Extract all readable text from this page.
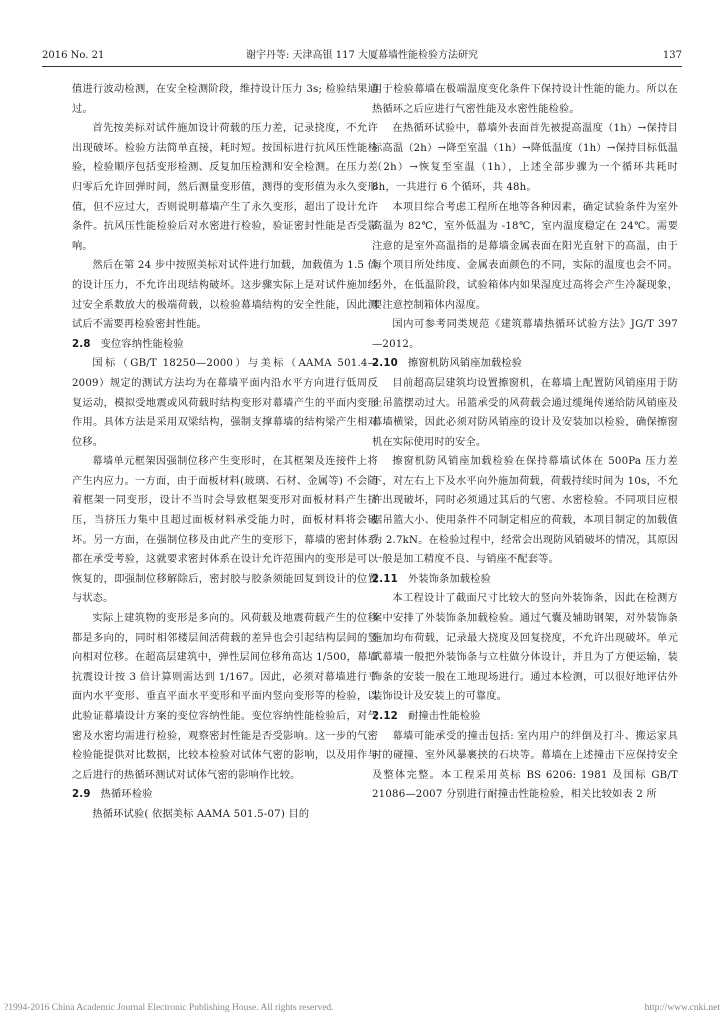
2016 No. 21	谢宇丹等: 天津高银 117 大厦幕墙性能检验方法研究	137

值进行波动检测，在安全检测阶段，维持设计压力 3s; 检验结果通过。

首先按美标对试件施加设计荷载的压力差，记录挠度，不允许出现破坏。检验方法简单直接，耗时短。按国标进行抗风压性能检验，检验顺序包括变形检测、反复加压检测和安全检测。在压力差归零后允许回弹时间，然后测量变形值，测得的变形值为永久变形值，但不应过大，否则说明幕墙产生了永久变形，超出了设计允许条件。抗风压性能检验后对水密进行检验，验证密封性能是否受影响。

然后在第 24 步中按照美标对试件进行加载，加载值为 1.5 倍的设计压力，不允许出现结构破坏。这步骤实际上是对试件施加经过安全系数放大的极端荷载，以检验幕墙结构的安全性能，因此测试后不需要再检验密封性能。

2.8 变位容纳性能检验

国标（GB/T 18250—2000）与美标（AAMA 501.4—2009）规定的测试方法均为在幕墙平面内沿水平方向进行低周反复运动，模拟受地震或风荷载时结构变形对幕墙产生的平面内变形作用。具体方法是采用双梁结构，强制支撑幕墙的结构梁产生相对位移。

幕墙单元框架因强制位移产生变形时，在其框架及连接件上将产生内应力。一方面，由于面板材料(玻璃、石材、金属等) 不会随着框架一同变形，设计不当时会导致框架变形对面板材料产生挤压，当挤压力集中且超过面板材料承受能力时，面板材料将会破坏。另一方面，在强制位移及由此产生的变形下，幕墙的密封体系都在承受考验，这就要求密封体系在设计允许范围内的变形是可以恢复的，即强制位移解除后，密封胶与胶条须能回复到设计的位置与状态。

实际上建筑物的变形是多向的。风荷载及地震荷载产生的位移都是多向的，同时相邻楼层间活荷载的差异也会引起结构层间的竖向相对位移。在超高层建筑中，弹性层间位移角高达 1/500，幕墙抗震设计按 3 倍计算则需达到 1/167。因此，必须对幕墙进行平面内水平变形、垂直平面水平变形和平面内竖向变形等的检验，以此验证幕墙设计方案的变位容纳性能。变位容纳性能检验后，对气密及水密均需进行检验，观察密封性能是否受影响。这一步的气密检验能提供对比数据，比较本检验对试体气密的影响，以及用作与之后进行的热循环测试对试体气密的影响作比较。

2.9 热循环检验

热循环试验( 依据美标 AAMA 501.5-07) 目的

用于检验幕墙在极端温度变化条件下保持设计性能的能力。所以在热循环之后应进行气密性能及水密性能检验。

在热循环试验中，幕墙外表面首先被提高温度（1h）→保持目标高温（2h）→降至室温（1h）→降低温度（1h）→保持目标低温（2h）→恢复至室温（1h），上述全部步骤为一个循环共耗时 8h，一共进行 6 个循环，共 48h。

本项目综合考虑工程所在地等各种因素，确定试验条件为室外高温为 82℃，室外低温为 -18℃，室内温度稳定在 24℃。需要注意的是室外高温指的是幕墙金属表面在阳光直射下的高温，由于每个项目所处纬度、金属表面颜色的不同，实际的温度也会不同。另外，在低温阶段，试验箱体内如果湿度过高将会产生冷凝现象，要注意控制箱体内湿度。

国内可参考同类规范《建筑幕墙热循环试验方法》JG/T 397—2012。

2.10 擦窗机防风销座加载检验

目前超高层建筑均设置擦窗机，在幕墙上配置防风销座用于防止吊篮摆动过大。吊篮承受的风荷载会通过缆绳传递给防风销座及幕墙横梁，因此必须对防风销座的设计及安装加以检验，确保擦窗机在实际使用时的安全。

擦窗机防风销座加载检验在保持幕墙试体在 500Pa 压力差下，对左右上下及水平向外施加荷载，荷载持续时间为 10s，不允许出现破坏，同时必须通过其后的气密、水密检验。不同项目应根据吊篮大小、使用条件不同制定相应的荷载，本项目制定的加载值为 2.7kN。在检验过程中，经常会出现防风销破坏的情况，其原因一般是加工精度不良、与销座不配套等。

2.11 外装饰条加载检验

本工程设计了截面尺寸比较大的竖向外装饰条，因此在检测方案中安排了外装饰条加载检验。通过气囊及辅助钢架，对外装饰条施加均布荷载，记录最大挠度及回复挠度，不允许出现破坏。单元式幕墙一般把外装饰条与立柱做分体设计，并且为了方便运输，装饰条的安装一般在工地现场进行。通过本检测，可以很好地评估外装饰设计及安装上的可靠度。

2.12 耐撞击性能检验

幕墙可能承受的撞击包括: 室内用户的绊倒及打斗、搬运家具时的碰撞、室外风暴裹挟的石块等。幕墙在上述撞击下应保持安全及整体完整。本工程采用英标 BS 6206: 1981 及国标 GB/T 21086—2007 分别进行耐撞击性能检验，相关比较如表 2 所

?1994-2016 China Academic Journal Electronic Publishing House. All rights reserved.	http://www.cnki.net
